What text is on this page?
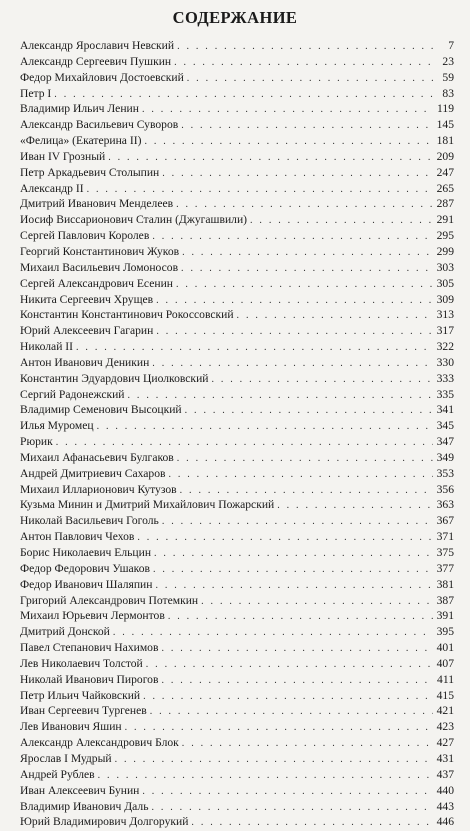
СОДЕРЖАНИЕ
Александр Ярославич Невский . . .	7
Александр Сергеевич Пушкин . . .	23
Федор Михайлович Достоевский . . .	59
Петр I . . .	83
Владимир Ильич Ленин . . .	119
Александр Васильевич Суворов . . .	145
«Фелица» (Екатерина II) . . .	181
Иван IV Грозный . . .	209
Петр Аркадьевич Столыпин . . .	247
Александр II . . .	265
Дмитрий Иванович Менделеев . . .	287
Иосиф Виссарионович Сталин (Джугашвили) . . .	291
Сергей Павлович Королев . . .	295
Георгий Константинович Жуков . . .	299
Михаил Васильевич Ломоносов . . .	303
Сергей Александрович Есенин . . .	305
Никита Сергеевич Хрущев . . .	309
Константин Константинович Рокоссовский . . .	313
Юрий Алексеевич Гагарин . . .	317
Николай II . . .	322
Антон Иванович Деникин . . .	330
Константин Эдуардович Циолковский . . .	333
Сергий Радонежский . . .	335
Владимир Семенович Высоцкий . . .	341
Илья Муромец . . .	345
Рюрик . . .	347
Михаил Афанасьевич Булгаков . . .	349
Андрей Дмитриевич Сахаров . . .	353
Михаил Илларионович Кутузов . . .	356
Кузьма Минин и Дмитрий Михайлович Пожарский . . .	363
Николай Васильевич Гоголь . . .	367
Антон Павлович Чехов . . .	371
Борис Николаевич Ельцин . . .	375
Федор Федорович Ушаков . . .	377
Федор Иванович Шаляпин . . .	381
Григорий Александрович Потемкин . . .	387
Михаил Юрьевич Лермонтов . . .	391
Дмитрий Донской . . .	395
Павел Степанович Нахимов . . .	401
Лев Николаевич Толстой . . .	407
Николай Иванович Пирогов . . .	411
Петр Ильич Чайковский . . .	415
Иван Сергеевич Тургенев . . .	421
Лев Иванович Яшин . . .	423
Александр Александрович Блок . . .	427
Ярослав I Мудрый . . .	431
Андрей Рублев . . .	437
Иван Алексеевич Бунин . . .	440
Владимир Иванович Даль . . .	443
Юрий Владимирович Долгорукий . . .	446
